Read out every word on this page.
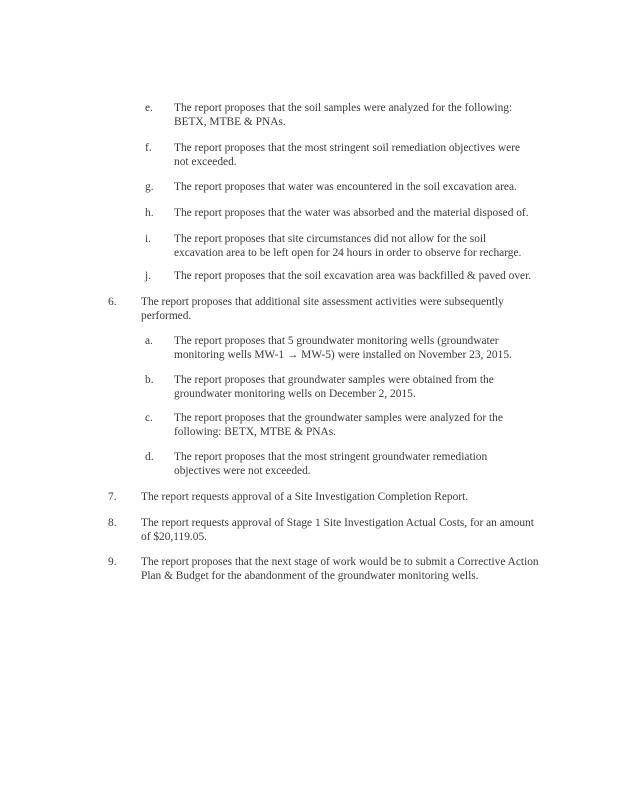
e.	The report proposes that the soil samples were analyzed for the following: BETX, MTBE & PNAs.
f.	The report proposes that the most stringent soil remediation objectives were not exceeded.
g.	The report proposes that water was encountered in the soil excavation area.
h.	The report proposes that the water was absorbed and the material disposed of.
i.	The report proposes that site circumstances did not allow for the soil excavation area to be left open for 24 hours in order to observe for recharge.
j.	The report proposes that the soil excavation area was backfilled & paved over.
6.	The report proposes that additional site assessment activities were subsequently performed.
a.	The report proposes that 5 groundwater monitoring wells (groundwater monitoring wells MW-1 → MW-5) were installed on November 23, 2015.
b.	The report proposes that groundwater samples were obtained from the groundwater monitoring wells on December 2, 2015.
c.	The report proposes that the groundwater samples were analyzed for the following: BETX, MTBE & PNAs.
d.	The report proposes that the most stringent groundwater remediation objectives were not exceeded.
7.	The report requests approval of a Site Investigation Completion Report.
8.	The report requests approval of Stage 1 Site Investigation Actual Costs, for an amount of $20,119.05.
9.	The report proposes that the next stage of work would be to submit a Corrective Action Plan & Budget for the abandonment of the groundwater monitoring wells.
